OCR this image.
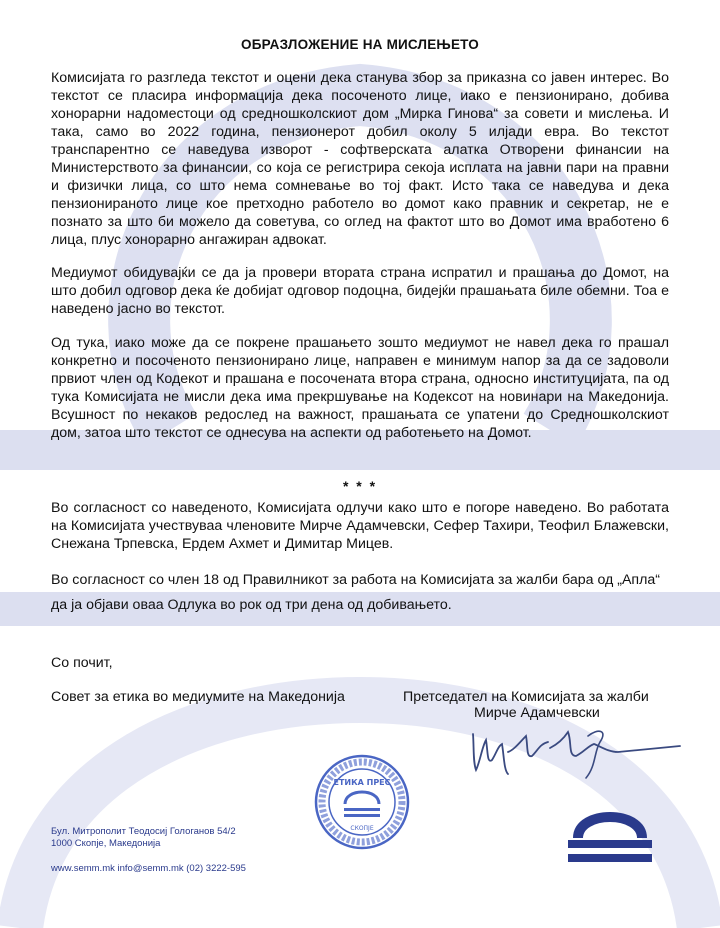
ОБРАЗЛОЖЕНИЕ НА МИСЛЕЊЕТО

Комисијата го разгледа текстот и оцени дека станува збор за приказна со јавен интерес. Во текстот се пласира информација дека посоченото лице, иако е пензионирано, добива хонорарни надоместоци од средношколскиот дом „Мирка Гинова“ за совети и мислења. И така, само во 2022 година, пензионерот добил околу 5 илјади евра. Во текстот транспарентно се наведува изворот - софтверската алатка Отворени финансии на Министерството за финансии, со која се регистрира секоја исплата на јавни пари на правни и физички лица, со што нема сомневање во тој факт. Исто така се наведува и дека пензионираното лице кое претходно работело во домот како правник и секретар, не е познато за што би можело да советува, со оглед на фактот што во Домот има вработено 6 лица, плус хонорарно ангажиран адвокат.

Медиумот обидувајќи се да ја провери втората страна испратил и прашања до Домот, на што добил одговор дека ќе добијат одговор подоцна, бидејќи прашањата биле обемни. Тоа е наведено јасно во текстот.

Од тука, иако може да се покрене прашањето зошто медиумот не навел дека го прашал конкретно и посоченото пензионирано лице, направен е минимум напор за да се задоволи првиот член од Кодекот и прашана е посочената втора страна, односно институцијата, па од тука Комисијата не мисли дека има прекршување на Кодексот на новинари на Македонија. Всушност по некаков редослед на важност, прашањата се упатени до Средношколскиот дом, затоа што текстот се однесува на аспекти од работењето на Домот.

* * *

Во согласност со наведеното, Комисијата одлучи како што е погоре наведено. Во работата на Комисијата учествуваа членовите Мирче Адамчевски, Сефер Тахири, Теофил Блажевски, Снежана Трпевска, Ердем Ахмет и Димитар Мицев.

Во согласност со член 18 од Правилникот за работа на Комисијата за жалби бара од „Апла“

да ја објави оваа Одлука во рок од три дена од добивањето.

Со почит,

Совет за етика во медиумите на Македонија	Претседател на Комисијата за жалби

Мирче Адамчевски

ЕТИКА ПРЕС
СКОПЈЕ
Бул. Митрополит Теодосиј Гологанов 54/2
1000 Скопје, Македонија
www.semm.mk info@semm.mk (02) 3222-595
